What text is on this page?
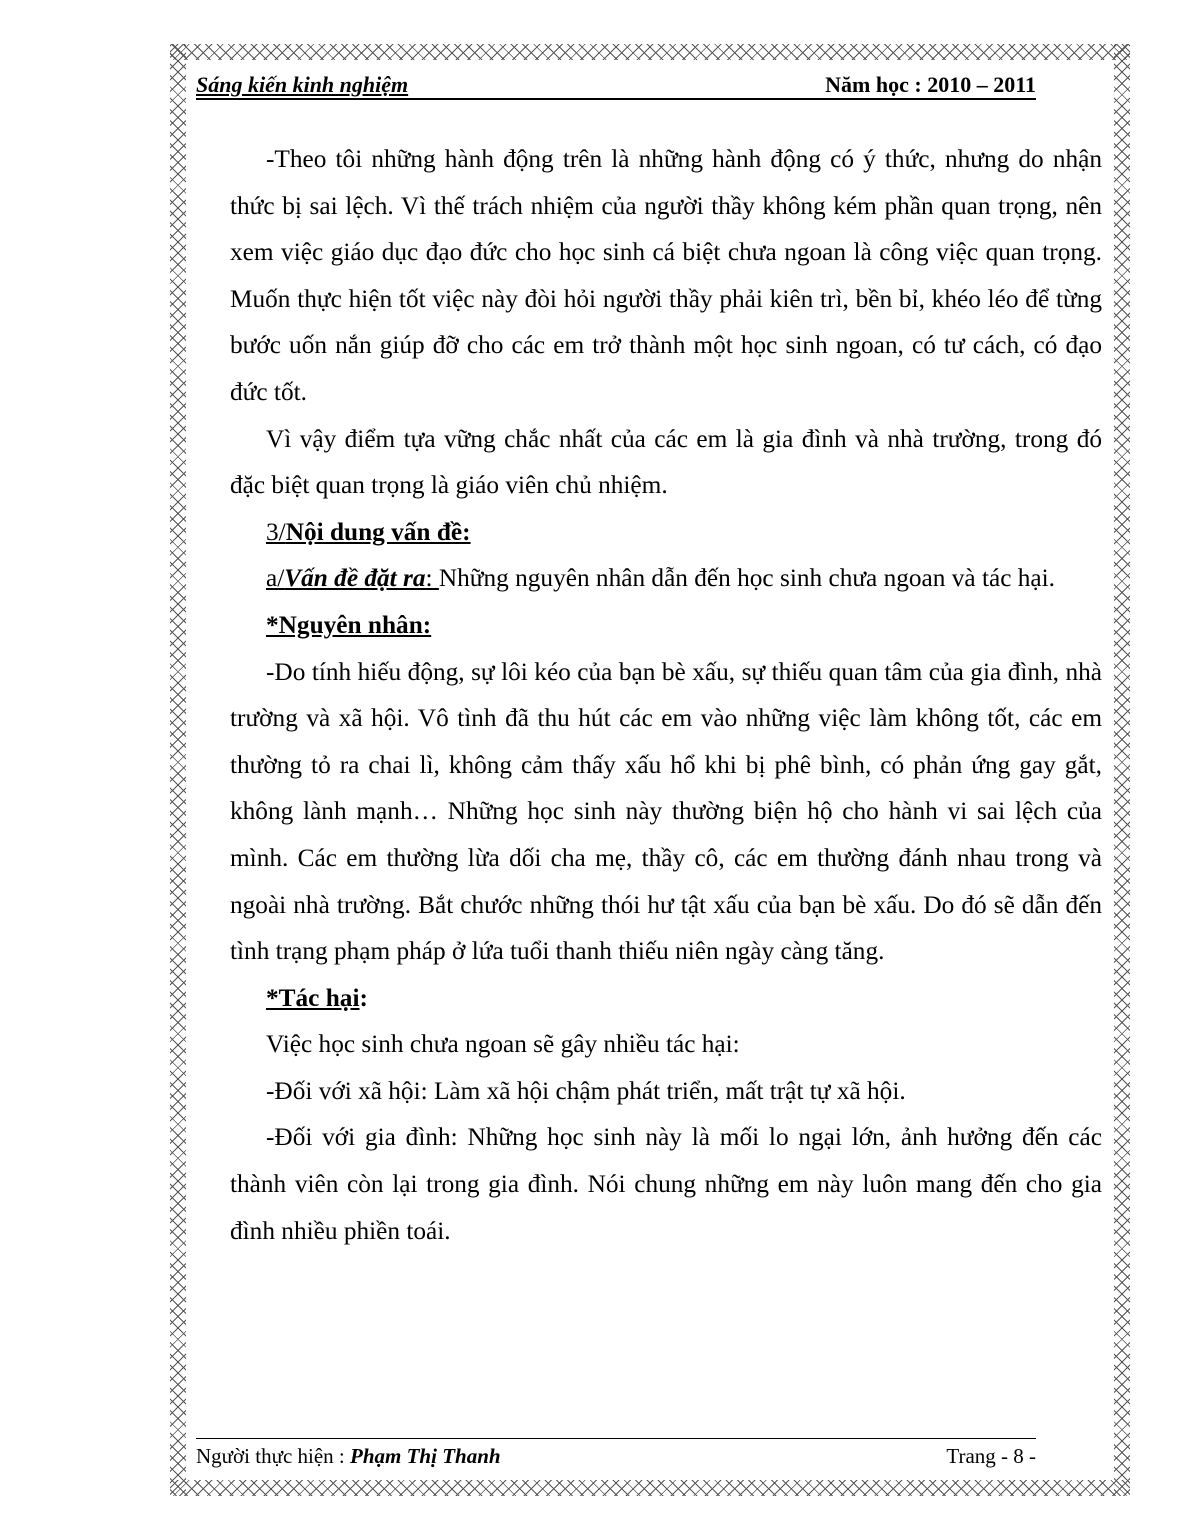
Sáng kiến kinh nghiệm	Năm học : 2010 – 2011

-Theo tôi những hành động trên là những hành động có ý thức, nhưng do nhận thức bị sai lệch. Vì thế trách nhiệm của người thầy không kém phần quan trọng, nên xem việc giáo dục đạo đức cho học sinh cá biệt chưa ngoan là công việc quan trọng. Muốn thực hiện tốt việc này đòi hỏi người thầy phải kiên trì, bền bỉ, khéo léo để từng bước uốn nắn giúp đỡ cho các em trở thành một học sinh ngoan, có tư cách, có đạo đức tốt.

Vì vậy điểm tựa vững chắc nhất của các em là gia đình và nhà trường, trong đó đặc biệt quan trọng là giáo viên chủ nhiệm.

3/Nội dung vấn đề:

a/Vấn đề đặt ra: Những nguyên nhân dẫn đến học sinh chưa ngoan và tác hại.

*Nguyên nhân:

-Do tính hiếu động, sự lôi kéo của bạn bè xấu, sự thiếu quan tâm của gia đình, nhà trường và xã hội. Vô tình đã thu hút các em vào những việc làm không tốt, các em thường tỏ ra chai lì, không cảm thấy xấu hổ khi bị phê bình, có phản ứng gay gắt, không lành mạnh… Những học sinh này thường biện hộ cho hành vi sai lệch của mình. Các em thường lừa dối cha mẹ, thầy cô, các em thường đánh nhau trong và ngoài nhà trường. Bắt chước những thói hư tật xấu của bạn bè xấu. Do đó sẽ dẫn đến tình trạng phạm pháp ở lứa tuổi thanh thiếu niên ngày càng tăng.

*Tác hại:

Việc học sinh chưa ngoan sẽ gây nhiều tác hại:

-Đối với xã hội: Làm xã hội chậm phát triển, mất trật tự xã hội.

-Đối với gia đình: Những học sinh này là mối lo ngại lớn, ảnh hưởng đến các thành viên còn lại trong gia đình. Nói chung những em này luôn mang đến cho gia đình nhiều phiền toái.

Người thực hiện : Phạm Thị Thanh	Trang - 8 -
